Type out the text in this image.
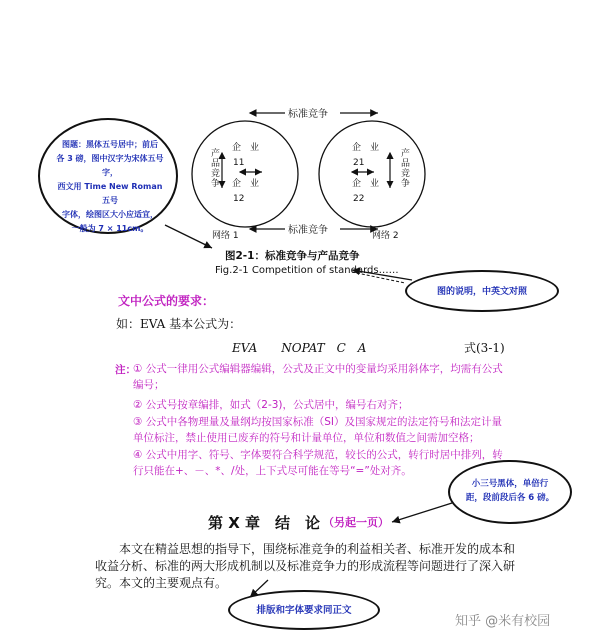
标准竞争
标准竞争
产品竞争 企　业
11
企　业
12
网络 1
产品竞争
企　业
21
企　业
22
网络 2
图2-1：标准竞争与产品竞争
Fig.2-1 Competition of standards……
图题：黑体五号居中；前后
各 3 磅，图中汉字为宋体五号字，
西文用 Time New Roman 五号
字体，绘图区大小应适宜，
一般为 7 × 11cm。
图的说明，中英文对照
文中公式的要求：
如：EVA 基本公式为：
EVA　　NOPAT　C　A	式(3-1)
注：
① 公式一律用公式编辑器编辑，公式及正文中的变量均采用斜体字，均需有公式编号；
② 公式号按章编排，如式（2-3)，公式居中，编号右对齐；
③ 公式中各物理量及量纲均按国家标准（SI）及国家规定的法定符号和法定计量单位标注，禁止使用已废弃的符号和计量单位，单位和数值之间需加空格；
④ 公式中用字、符号、字体要符合科学规范，较长的公式，转行时居中排列，转行只能在+、－、*、/处，上下式尽可能在等号“=”处对齐。
小三号黑体，单倍行
距，段前段后各 6 磅。
第 X 章　结　论 （另起一页）
本文在精益思想的指导下，围绕标准竞争的利益相关者、标准开发的成本和收益分析、标准的两大形成机制以及标准竞争力的形成流程等问题进行了深入研究。本文的主要观点有。
排版和字体要求同正文
知乎 @米有校园
